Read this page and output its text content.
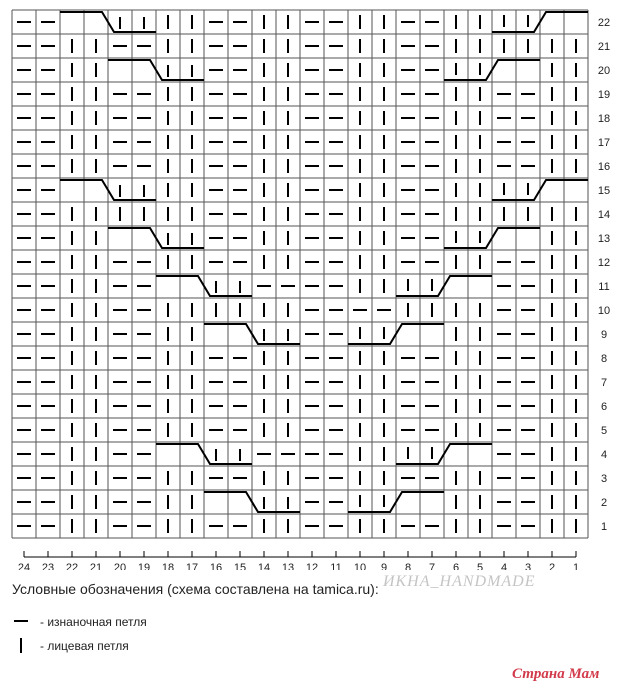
22
21
20
19
18
17
16
15
14
13
12
11
10
9
8
7
6
5
4
3
2
1
24 23 22 21 20 19 18 17 16 15 14 13 12 11 10 9 8 7 6 5 4 3 2 1
ИКНА_HANDMADE
Условные обозначения (схема составлена на tamica.ru):
- изнаночная петля
- лицевая петля
Страна Мам
